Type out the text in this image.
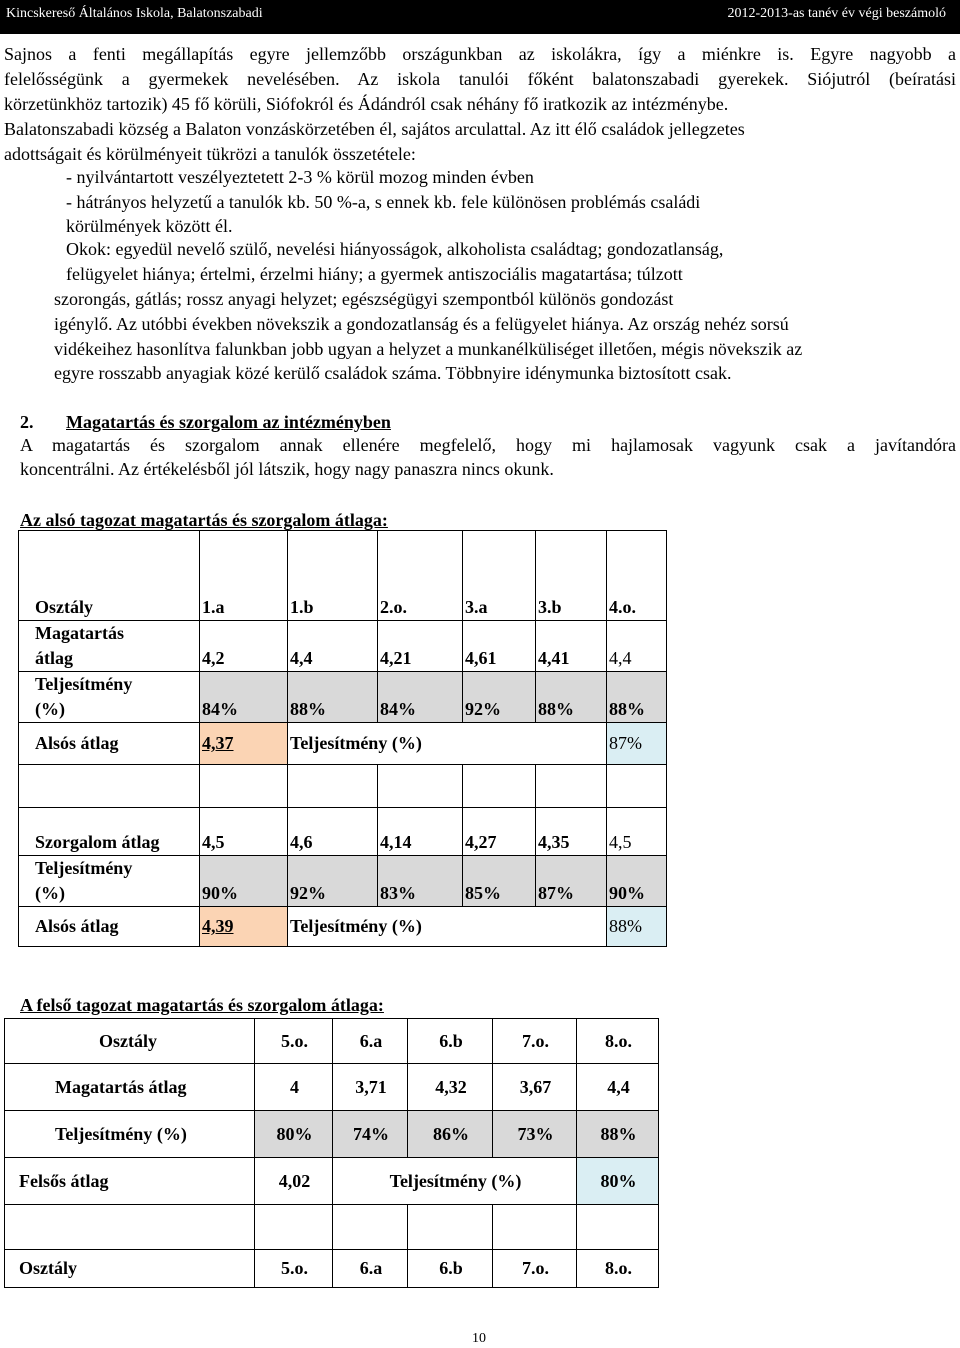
Kincskereső Általános Iskola, Balatonszabadi	2012-2013-as tanév év végi beszámoló

Sajnos a fenti megállapítás egyre jellemzőbb országunkban az iskolákra, így a miénkre is. Egyre nagyobb a

felelősségünk a gyermekek nevelésében. Az iskola tanulói főként balatonszabadi gyerekek. Siójutról (beíratási

körzetünkhöz tartozik) 45 fő körüli, Siófokról és Ádándról csak néhány fő iratkozik az intézménybe.

Balatonszabadi község a Balaton vonzáskörzetében él, sajátos arculattal. Az itt élő családok jellegzetes

adottságait és körülményeit tükrözi a tanulók összetétele:

- nyilvántartott veszélyeztetett 2-3 % körül mozog minden évben

- hátrányos helyzetű a tanulók kb. 50 %-a, s ennek kb. fele különösen problémás családi

körülmények között él.

Okok: egyedül nevelő szülő, nevelési hiányosságok, alkoholista családtag; gondozatlanság,

felügyelet hiánya; értelmi, érzelmi hiány; a gyermek antiszociális magatartása; túlzott

szorongás, gátlás; rossz anyagi helyzet; egészségügyi szempontból különös gondozást

igénylő. Az utóbbi években növekszik a gondozatlanság és a felügyelet hiánya. Az ország nehéz sorsú

vidékeihez hasonlítva falunkban jobb ugyan a helyzet a munkanélküliséget illetően, mégis növekszik az

egyre rosszabb anyagiak közé kerülő családok száma. Többnyire idénymunka biztosított csak.

2. Magatartás és szorgalom az intézményben

A magatartás és szorgalom annak ellenére megfelelő, hogy mi hajlamosak vagyunk csak a javítandóra

koncentrálni. Az értékelésből jól látszik, hogy nagy panaszra nincs okunk.

Az alsó tagozat magatartás és szorgalom átlaga:

Osztály	1.a	1.b	2.o.	3.a	3.b	4.o.
Magatartás
átlag	4,2	4,4	4,21	4,61	4,41	4,4
Teljesítmény
(%)	84%	88%	84%	92%	88%	88%
Alsós átlag	4,37	Teljesítmény (%)				87%

Szorgalom átlag	4,5	4,6	4,14	4,27	4,35	4,5
Teljesítmény
(%)	90%	92%	83%	85%	87%	90%
Alsós átlag	4,39	Teljesítmény (%)				88%

A felső tagozat magatartás és szorgalom átlaga:

Osztály	5.o.	6.a	6.b	7.o.	8.o.
Magatartás átlag	4	3,71	4,32	3,67	4,4
Teljesítmény (%)	80%	74%	86%	73%	88%
Felsős átlag	4,02	Teljesítmény (%)			80%

Osztály	5.o.	6.a	6.b	7.o.	8.o.
10
